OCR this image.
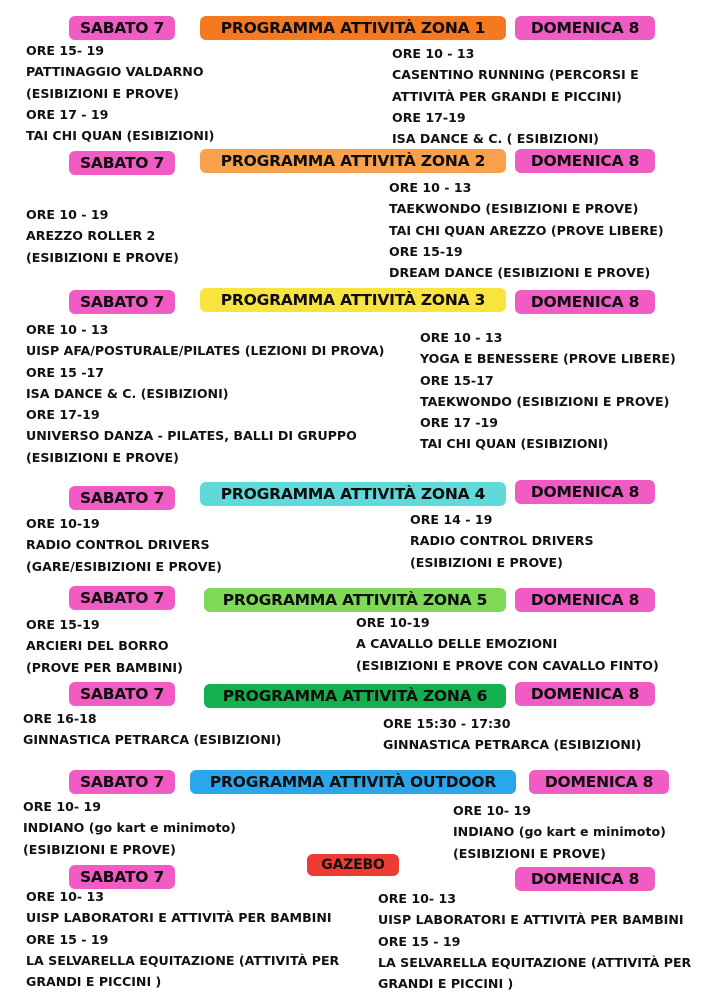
SABATO 7	PROGRAMMA ATTIVITÀ ZONA 1	DOMENICA 8
ORE 15- 19
PATTINAGGIO VALDARNO
(ESIBIZIONI E PROVE)
ORE 17 - 19
TAI CHI QUAN (ESIBIZIONI)
ORE 10 - 13
CASENTINO RUNNING (PERCORSI E
ATTIVITÀ PER GRANDI E PICCINI)
ORE 17-19
ISA DANCE & C. ( ESIBIZIONI)
SABATO 7	PROGRAMMA ATTIVITÀ ZONA 2	DOMENICA 8
ORE 10 - 19
AREZZO ROLLER 2
(ESIBIZIONI E PROVE)
ORE 10 - 13
TAEKWONDO (ESIBIZIONI E PROVE)
TAI CHI QUAN AREZZO (PROVE LIBERE)
ORE 15-19
DREAM DANCE (ESIBIZIONI E PROVE)
SABATO 7	PROGRAMMA ATTIVITÀ ZONA 3	DOMENICA 8
ORE 10 - 13
UISP AFA/POSTURALE/PILATES (LEZIONI DI PROVA)
ORE 15 -17
ISA DANCE & C. (ESIBIZIONI)
ORE 17-19
UNIVERSO DANZA - PILATES, BALLI DI GRUPPO
(ESIBIZIONI E PROVE)
ORE 10 - 13
YOGA E BENESSERE (PROVE LIBERE)
ORE 15-17
TAEKWONDO (ESIBIZIONI E PROVE)
ORE 17 -19
TAI CHI QUAN (ESIBIZIONI)
SABATO 7	PROGRAMMA ATTIVITÀ ZONA 4	DOMENICA 8
ORE 10-19
RADIO CONTROL DRIVERS
(GARE/ESIBIZIONI E PROVE)
ORE 14 - 19
RADIO CONTROL DRIVERS
(ESIBIZIONI E PROVE)
SABATO 7	PROGRAMMA ATTIVITÀ ZONA 5	DOMENICA 8
ORE 15-19
ARCIERI DEL BORRO
(PROVE PER BAMBINI)
ORE 10-19
A CAVALLO DELLE EMOZIONI
(ESIBIZIONI E PROVE CON CAVALLO FINTO)
SABATO 7	PROGRAMMA ATTIVITÀ ZONA 6	DOMENICA 8
ORE 16-18
GINNASTICA PETRARCA (ESIBIZIONI)
ORE 15:30 - 17:30
GINNASTICA PETRARCA (ESIBIZIONI)
SABATO 7	PROGRAMMA ATTIVITÀ OUTDOOR	DOMENICA 8
ORE 10- 19
INDIANO (go kart e minimoto)
(ESIBIZIONI E PROVE)
ORE 10- 19
INDIANO (go kart e minimoto)
(ESIBIZIONI E PROVE)
GAZEBO
SABATO 7	DOMENICA 8
ORE 10- 13
UISP LABORATORI E ATTIVITÀ PER BAMBINI
ORE 15 - 19
LA SELVARELLA EQUITAZIONE (ATTIVITÀ PER
GRANDI E PICCINI )
ORE 10- 13
UISP LABORATORI E ATTIVITÀ PER BAMBINI
ORE 15 - 19
LA SELVARELLA EQUITAZIONE (ATTIVITÀ PER
GRANDI E PICCINI )
